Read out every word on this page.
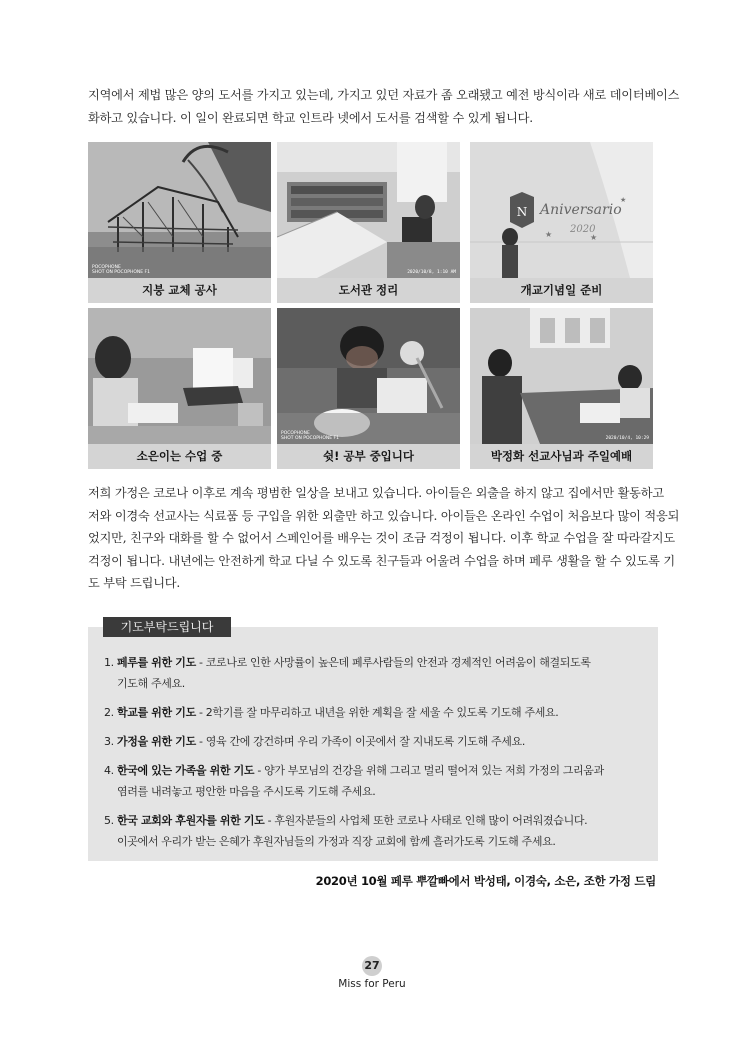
지역에서 제법 많은 양의 도서를 가지고 있는데, 가지고 있던 자료가 좀 오래됐고 예전 방식이라 새로 데이터베이스
화하고 있습니다. 이 일이 완료되면 학교 인트라 넷에서 도서를 검색할 수 있게 됩니다.
POCOPHONE
SHOT ON POCOPHONE F1
지붕 교체 공사
2020/10/8, 1:10 AM
도서관 정리
N Aniversario
2020
★	★
★
개교기념일 준비
소은이는 수업 중
POCOPHONE
SHOT ON POCOPHONE F1
쉿! 공부 중입니다
2020/10/4, 10:29
박정화 선교사님과 주일예배
저희 가정은 코로나 이후로 계속 평범한 일상을 보내고 있습니다. 아이들은 외출을 하지 않고 집에서만 활동하고
저와 이경숙 선교사는 식료품 등 구입을 위한 외출만 하고 있습니다. 아이들은 온라인 수업이 처음보다 많이 적응되
었지만, 친구와 대화를 할 수 없어서 스페인어를 배우는 것이 조금 걱정이 됩니다. 이후 학교 수업을 잘 따라갈지도
걱정이 됩니다. 내년에는 안전하게 학교 다닐 수 있도록 친구들과 어울려 수업을 하며 페루 생활을 할 수 있도록 기
도 부탁 드립니다.
기도부탁드립니다
1. 페루를 위한 기도 - 코로나로 인한 사망률이 높은데 페루사람들의 안전과 경제적인 어려움이 해결되도록
기도해 주세요.
2. 학교를 위한 기도 - 2학기를 잘 마무리하고 내년을 위한 계획을 잘 세울 수 있도록 기도해 주세요.
3. 가정을 위한 기도 - 영육 간에 강건하며 우리 가족이 이곳에서 잘 지내도록 기도해 주세요.
4. 한국에 있는 가족을 위한 기도 - 양가 부모님의 건강을 위해 그리고 멀리 떨어져 있는 저희 가정의 그리움과
염려를 내려놓고 평안한 마음을 주시도록 기도해 주세요.
5. 한국 교회와 후원자를 위한 기도 - 후원자분들의 사업체 또한 코로나 사태로 인해 많이 어려워졌습니다.
이곳에서 우리가 받는 은혜가 후원자님들의 가정과 직장 교회에 함께 흘러가도록 기도해 주세요.
2020년 10월 페루 뿌깔빠에서 박성태, 이경숙, 소은, 조한 가정 드림
27
Miss for Peru
